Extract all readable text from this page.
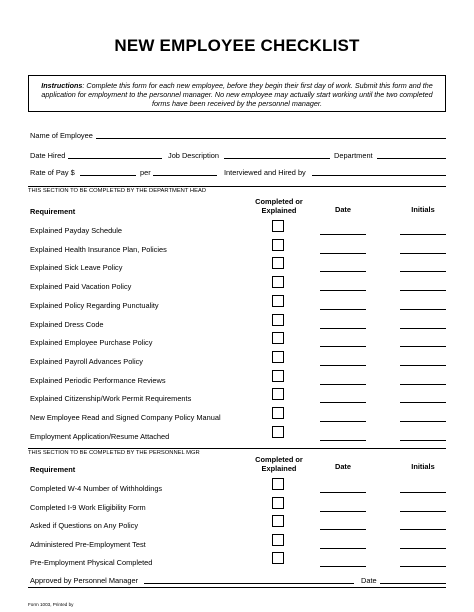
NEW EMPLOYEE CHECKLIST
Instructions: Complete this form for each new employee, before they begin their first day of work. Submit this form and the application for employment to the personnel manager. No new employee may actually start working until the two completed forms have been received by the personnel manager.
Name of Employee
Date Hired	Job Description	Department
Rate of Pay $	per	Interviewed and Hired by
THIS SECTION TO BE COMPLETED BY THE DEPARTMENT HEAD
Requirement
Completed or Explained	Date	Initials
Explained Payday Schedule
Explained Health Insurance Plan, Policies
Explained Sick Leave Policy
Explained Paid Vacation Policy
Explained Policy Regarding Punctuality
Explained Dress Code
Explained Employee Purchase Policy
Explained Payroll Advances Policy
Explained Periodic Performance Reviews
Explained Citizenship/Work Permit Requirements
New Employee Read and Signed Company Policy Manual
Employment Application/Resume Attached
THIS SECTION TO BE COMPLETED BY THE PERSONNEL MGR
Requirement
Completed or Explained	Date	Initials
Completed W-4 Number of Withholdings
Completed I-9 Work Eligibility Form
Asked if Questions on Any Policy
Administered Pre-Employment Test
Pre-Employment Physical Completed
Approved by Personnel Manager	Date
Form 1003, Printed by
